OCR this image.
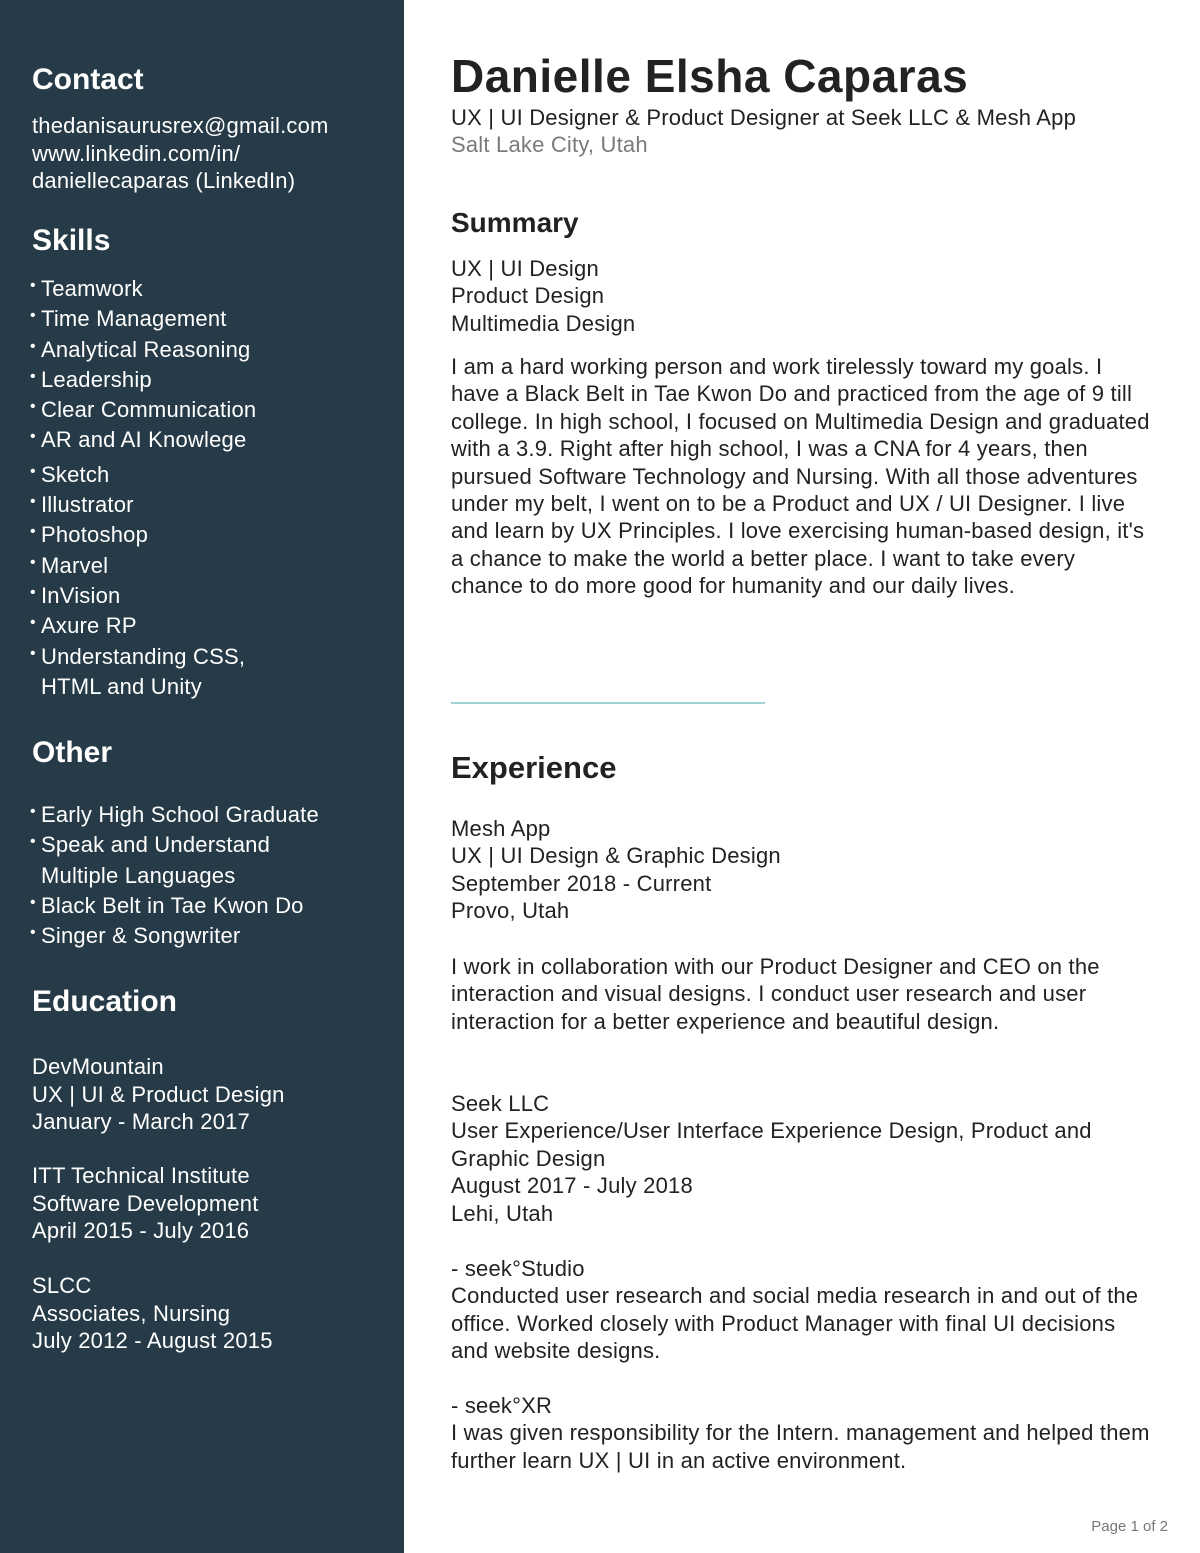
Contact
thedanisaurusrex@gmail.com
www.linkedin.com/in/
daniellecaparas (LinkedIn)
Skills
• Teamwork
• Time Management
• Analytical Reasoning
• Leadership
• Clear Communication
• AR and AI Knowlege
• Sketch
• Illustrator
• Photoshop
• Marvel
• InVision
• Axure RP
• Understanding CSS,
HTML and Unity
Other
• Early High School Graduate
• Speak and Understand
Multiple Languages
• Black Belt in Tae Kwon Do
• Singer & Songwriter
Education
DevMountain
UX | UI & Product Design
January - March 2017
ITT Technical Institute
Software Development
April 2015 - July 2016
SLCC
Associates, Nursing
July 2012 - August 2015
Danielle Elsha Caparas
UX | UI Designer & Product Designer at Seek LLC & Mesh App
Salt Lake City, Utah
Summary
UX | UI Design
Product Design
Multimedia Design
I am a hard working person and work tirelessly toward my goals. I have a Black Belt in Tae Kwon Do and practiced from the age of 9 till college. In high school, I focused on Multimedia Design and graduated with a 3.9. Right after high school, I was a CNA for 4 years, then pursued Software Technology and Nursing. With all those adventures under my belt, I went on to be a Product and UX / UI Designer. I live and learn by UX Principles. I love exercising human-based design, it's a chance to make the world a better place. I want to take every chance to do more good for humanity and our daily lives.
Experience
Mesh App
UX | UI Design & Graphic Design
September 2018 - Current
Provo, Utah
I work in collaboration with our Product Designer and CEO on the interaction and visual designs. I conduct user research and user interaction for a better experience and beautiful design.
Seek LLC
User Experience/User Interface Experience Design, Product and Graphic Design
August 2017 - July 2018
Lehi, Utah
- seek°Studio
Conducted user research and social media research in and out of the office. Worked closely with Product Manager with final UI decisions and website designs.
- seek°XR
I was given responsibility for the Intern. management and helped them further learn UX | UI in an active environment.
Page 1 of 2
